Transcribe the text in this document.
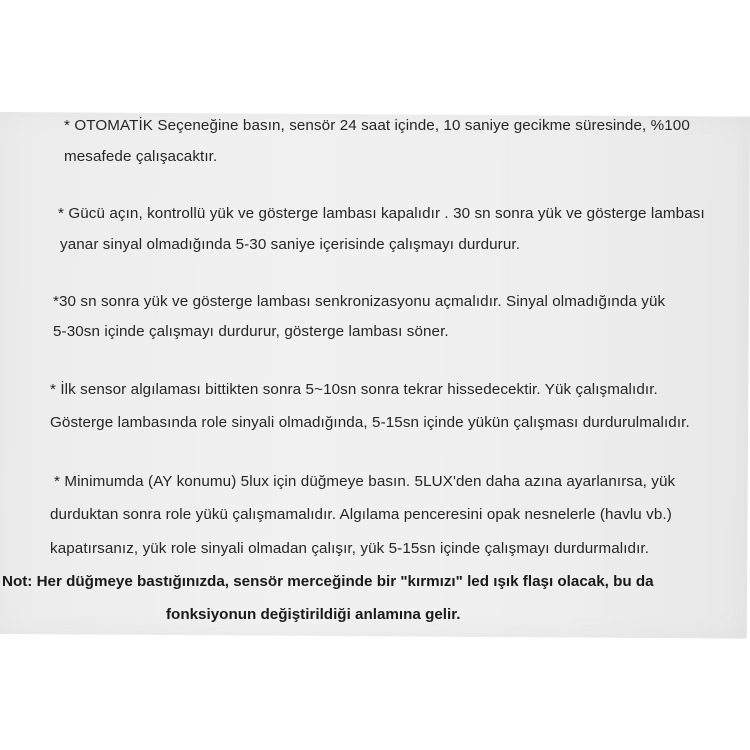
* OTOMATİK Seçeneğine basın, sensör 24 saat içinde, 10 saniye gecikme süresinde, %100
mesafede çalışacaktır.
* Gücü açın, kontrollü yük ve gösterge lambası kapalıdır . 30 sn sonra yük ve gösterge lambası
yanar sinyal olmadığında 5-30 saniye içerisinde çalışmayı durdurur.
*30 sn sonra yük ve gösterge lambası senkronizasyonu açmalıdır. Sinyal olmadığında yük
5-30sn içinde çalışmayı durdurur, gösterge lambası söner.
* İlk sensor algılaması bittikten sonra 5~10sn sonra tekrar hissedecektir. Yük çalışmalıdır.
Gösterge lambasında role sinyali olmadığında, 5-15sn içinde yükün çalışması durdurulmalıdır.
* Minimumda (AY konumu) 5lux için düğmeye basın. 5LUX'den daha azına ayarlanırsa, yük
durduktan sonra role yükü çalışmamalıdır. Algılama penceresini opak nesnelerle (havlu vb.)
kapatırsanız, yük role sinyali olmadan çalışır, yük 5-15sn içinde çalışmayı durdurmalıdır.
Not: Her düğmeye bastığınızda, sensör merceğinde bir "kırmızı" led ışık flaşı olacak, bu da
fonksiyonun değiştirildiği anlamına gelir.
